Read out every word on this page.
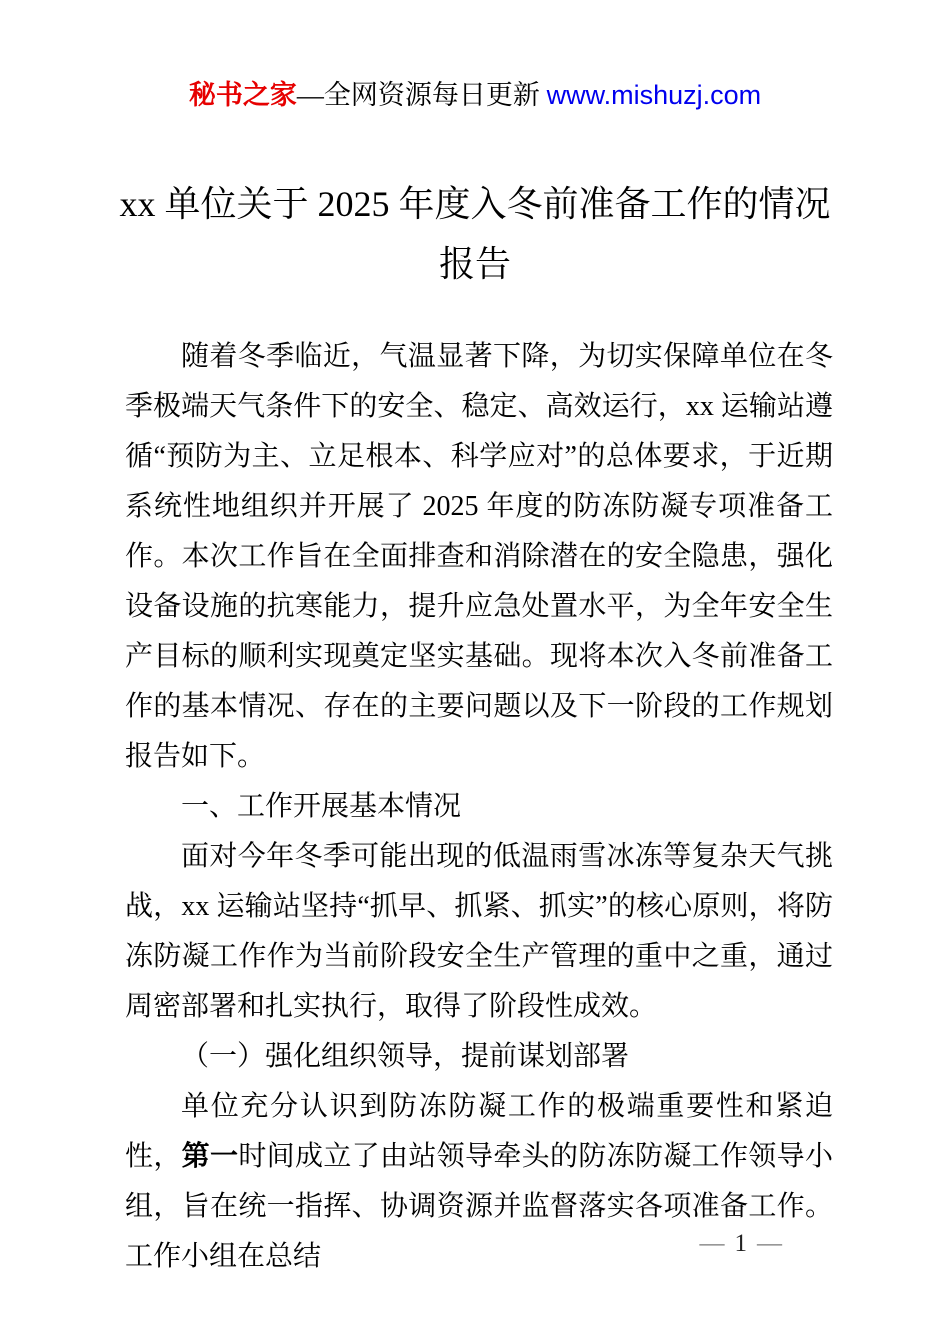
秘书之家—全网资源每日更新 www.mishuzj.com
xx 单位关于 2025 年度入冬前准备工作的情况
报告

随着冬季临近，气温显著下降，为切实保障单位在冬季极端天气条件下的安全、稳定、高效运行，xx 运输站遵循“预防为主、立足根本、科学应对”的总体要求，于近期系统性地组织并开展了 2025 年度的防冻防凝专项准备工作。本次工作旨在全面排查和消除潜在的安全隐患，强化设备设施的抗寒能力，提升应急处置水平，为全年安全生产目标的顺利实现奠定坚实基础。现将本次入冬前准备工作的基本情况、存在的主要问题以及下一阶段的工作规划报告如下。

一、工作开展基本情况

面对今年冬季可能出现的低温雨雪冰冻等复杂天气挑战，xx 运输站坚持“抓早、抓紧、抓实”的核心原则，将防冻防凝工作作为当前阶段安全生产管理的重中之重，通过周密部署和扎实执行，取得了阶段性成效。

（一）强化组织领导，提前谋划部署

单位充分认识到防冻防凝工作的极端重要性和紧迫性，第一时间成立了由站领导牵头的防冻防凝工作领导小组，旨在统一指挥、协调资源并监督落实各项准备工作。工作小组在总结	— 1 —
